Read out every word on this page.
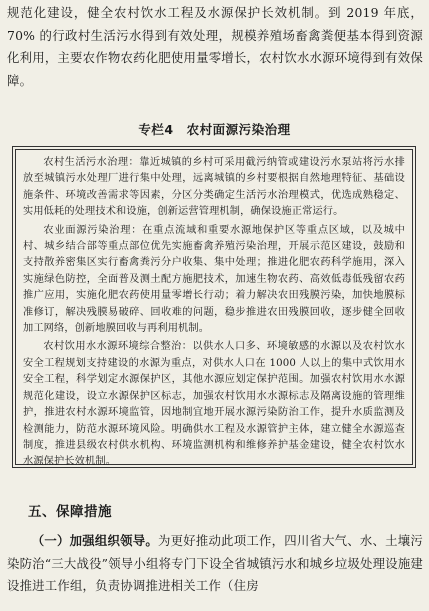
规范化建设，健全农村饮水工程及水源保护长效机制。到 2019 年底，70% 的行政村生活污水得到有效处理，规模养殖场畜禽粪便基本得到资源化利用，主要农作物农药化肥使用量零增长，农村饮水水源环境得到有效保障。

专栏4　农村面源污染治理

农村生活污水治理：靠近城镇的乡村可采用截污纳管或建设污水泵站将污水排放至城镇污水处理厂进行集中处理，远离城镇的乡村要根据自然地理特征、基础设施条件、环境改善需求等因素，分区分类确定生活污水治理模式，优选成熟稳定、实用低耗的处理技术和设施，创新运营管理机制，确保设施正常运行。

农业面源污染治理：在重点流域和重要水源地保护区等重点区域，以及城中村、城乡结合部等重点部位优先实施畜禽养殖污染治理，开展示范区建设，鼓励和支持散养密集区实行畜禽粪污分户收集、集中处理；推进化肥农药科学施用，深入实施绿色防控，全面普及测土配方施肥技术，加速生物农药、高效低毒低残留农药推广应用，实施化肥农药使用量零增长行动；着力解决农田残膜污染，加快地膜标准修订，解决残膜易破碎、回收难的问题，稳步推进农田残膜回收，逐步健全回收加工网络，创新地膜回收与再利用机制。

农村饮用水水源环境综合整治：以供水人口多、环境敏感的水源以及农村饮水安全工程规划支持建设的水源为重点，对供水人口在 1000 人以上的集中式饮用水安全工程，科学划定水源保护区，其他水源应划定保护范围。加强农村饮用水水源规范化建设，设立水源保护区标志，加强农村饮用水水源标志及隔离设施的管理维护，推进农村水源环境监管，因地制宜地开展水源污染防治工作，提升水质监测及检测能力，防范水源环境风险。明确供水工程及水源管护主体，建立健全水源巡查制度，推进县级农村供水机构、环境监测机构和维修养护基金建设，健全农村饮水水源保护长效机制。

五、保障措施

（一）加强组织领导。为更好推动此项工作，四川省大气、水、土壤污染防治“三大战役”领导小组将专门下设全省城镇污水和城乡垃圾处理设施建设推进工作组，负责协调推进相关工作（住房
